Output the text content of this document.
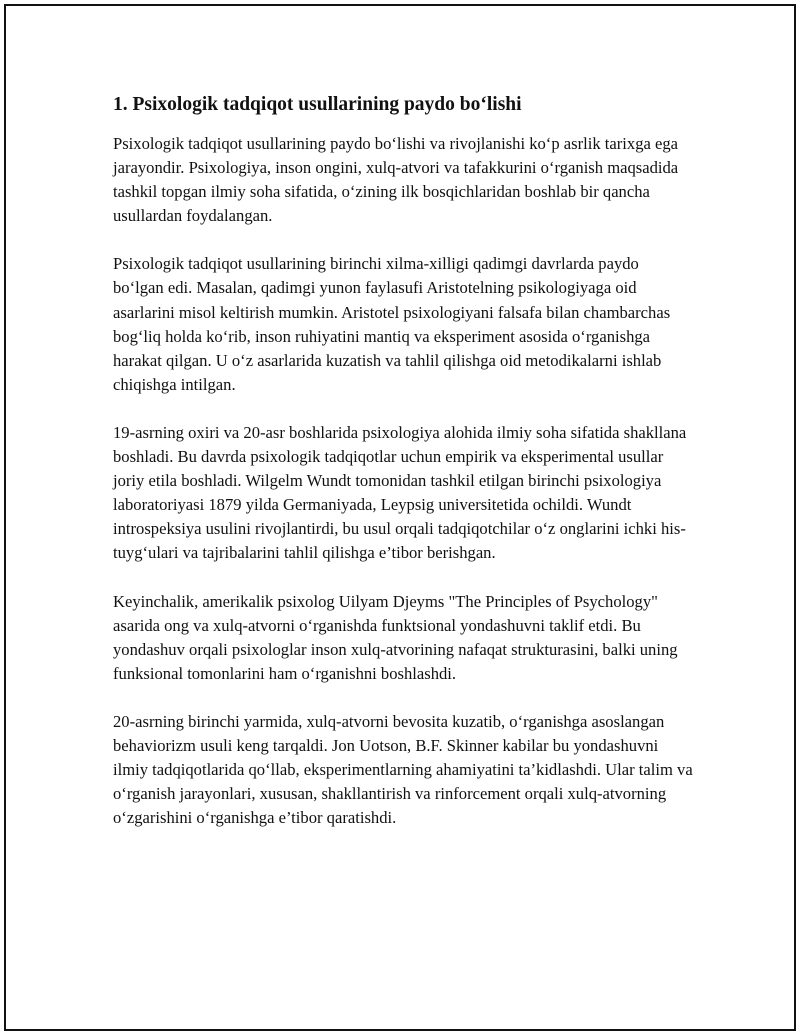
1. Psixologik tadqiqot usullarining paydo bo‘lishi

Psixologik tadqiqot usullarining paydo bo‘lishi va rivojlanishi ko‘p asrlik tarixga ega jarayondir. Psixologiya, inson ongini, xulq-atvori va tafakkurini o‘rganish maqsadida tashkil topgan ilmiy soha sifatida, o‘zining ilk bosqichlaridan boshlab bir qancha usullardan foydalangan.

Psixologik tadqiqot usullarining birinchi xilma-xilligi qadimgi davrlarda paydo bo‘lgan edi. Masalan, qadimgi yunon faylasufi Aristotelning psikologiyaga oid asarlarini misol keltirish mumkin. Aristotel psixologiyani falsafa bilan chambarchas bog‘liq holda ko‘rib, inson ruhiyatini mantiq va eksperiment asosida o‘rganishga harakat qilgan. U o‘z asarlarida kuzatish va tahlil qilishga oid metodikalarni ishlab chiqishga intilgan.

19-asrning oxiri va 20-asr boshlarida psixologiya alohida ilmiy soha sifatida shakllana boshladi. Bu davrda psixologik tadqiqotlar uchun empirik va eksperimental usullar joriy etila boshladi. Wilgelm Wundt tomonidan tashkil etilgan birinchi psixologiya laboratoriyasi 1879 yilda Germaniyada, Leypsig universitetida ochildi. Wundt introspeksiya usulini rivojlantirdi, bu usul orqali tadqiqotchilar o‘z onglarini ichki his-tuyg‘ulari va tajribalarini tahlil qilishga e’tibor berishgan.

Keyinchalik, amerikalik psixolog Uilyam Djeyms "The Principles of Psychology" asarida ong va xulq-atvorni o‘rganishda funktsional yondashuvni taklif etdi. Bu yondashuv orqali psixologlar inson xulq-atvorining nafaqat strukturasini, balki uning funksional tomonlarini ham o‘rganishni boshlashdi.

20-asrning birinchi yarmida, xulq-atvorni bevosita kuzatib, o‘rganishga asoslangan behaviorizm usuli keng tarqaldi. Jon Uotson, B.F. Skinner kabilar bu yondashuvni ilmiy tadqiqotlarida qo‘llab, eksperimentlarning ahamiyatini ta’kidlashdi. Ular talim va o‘rganish jarayonlari, xususan, shakllantirish va rinforcement orqali xulq-atvorning o‘zgarishini o‘rganishga e’tibor qaratishdi.
